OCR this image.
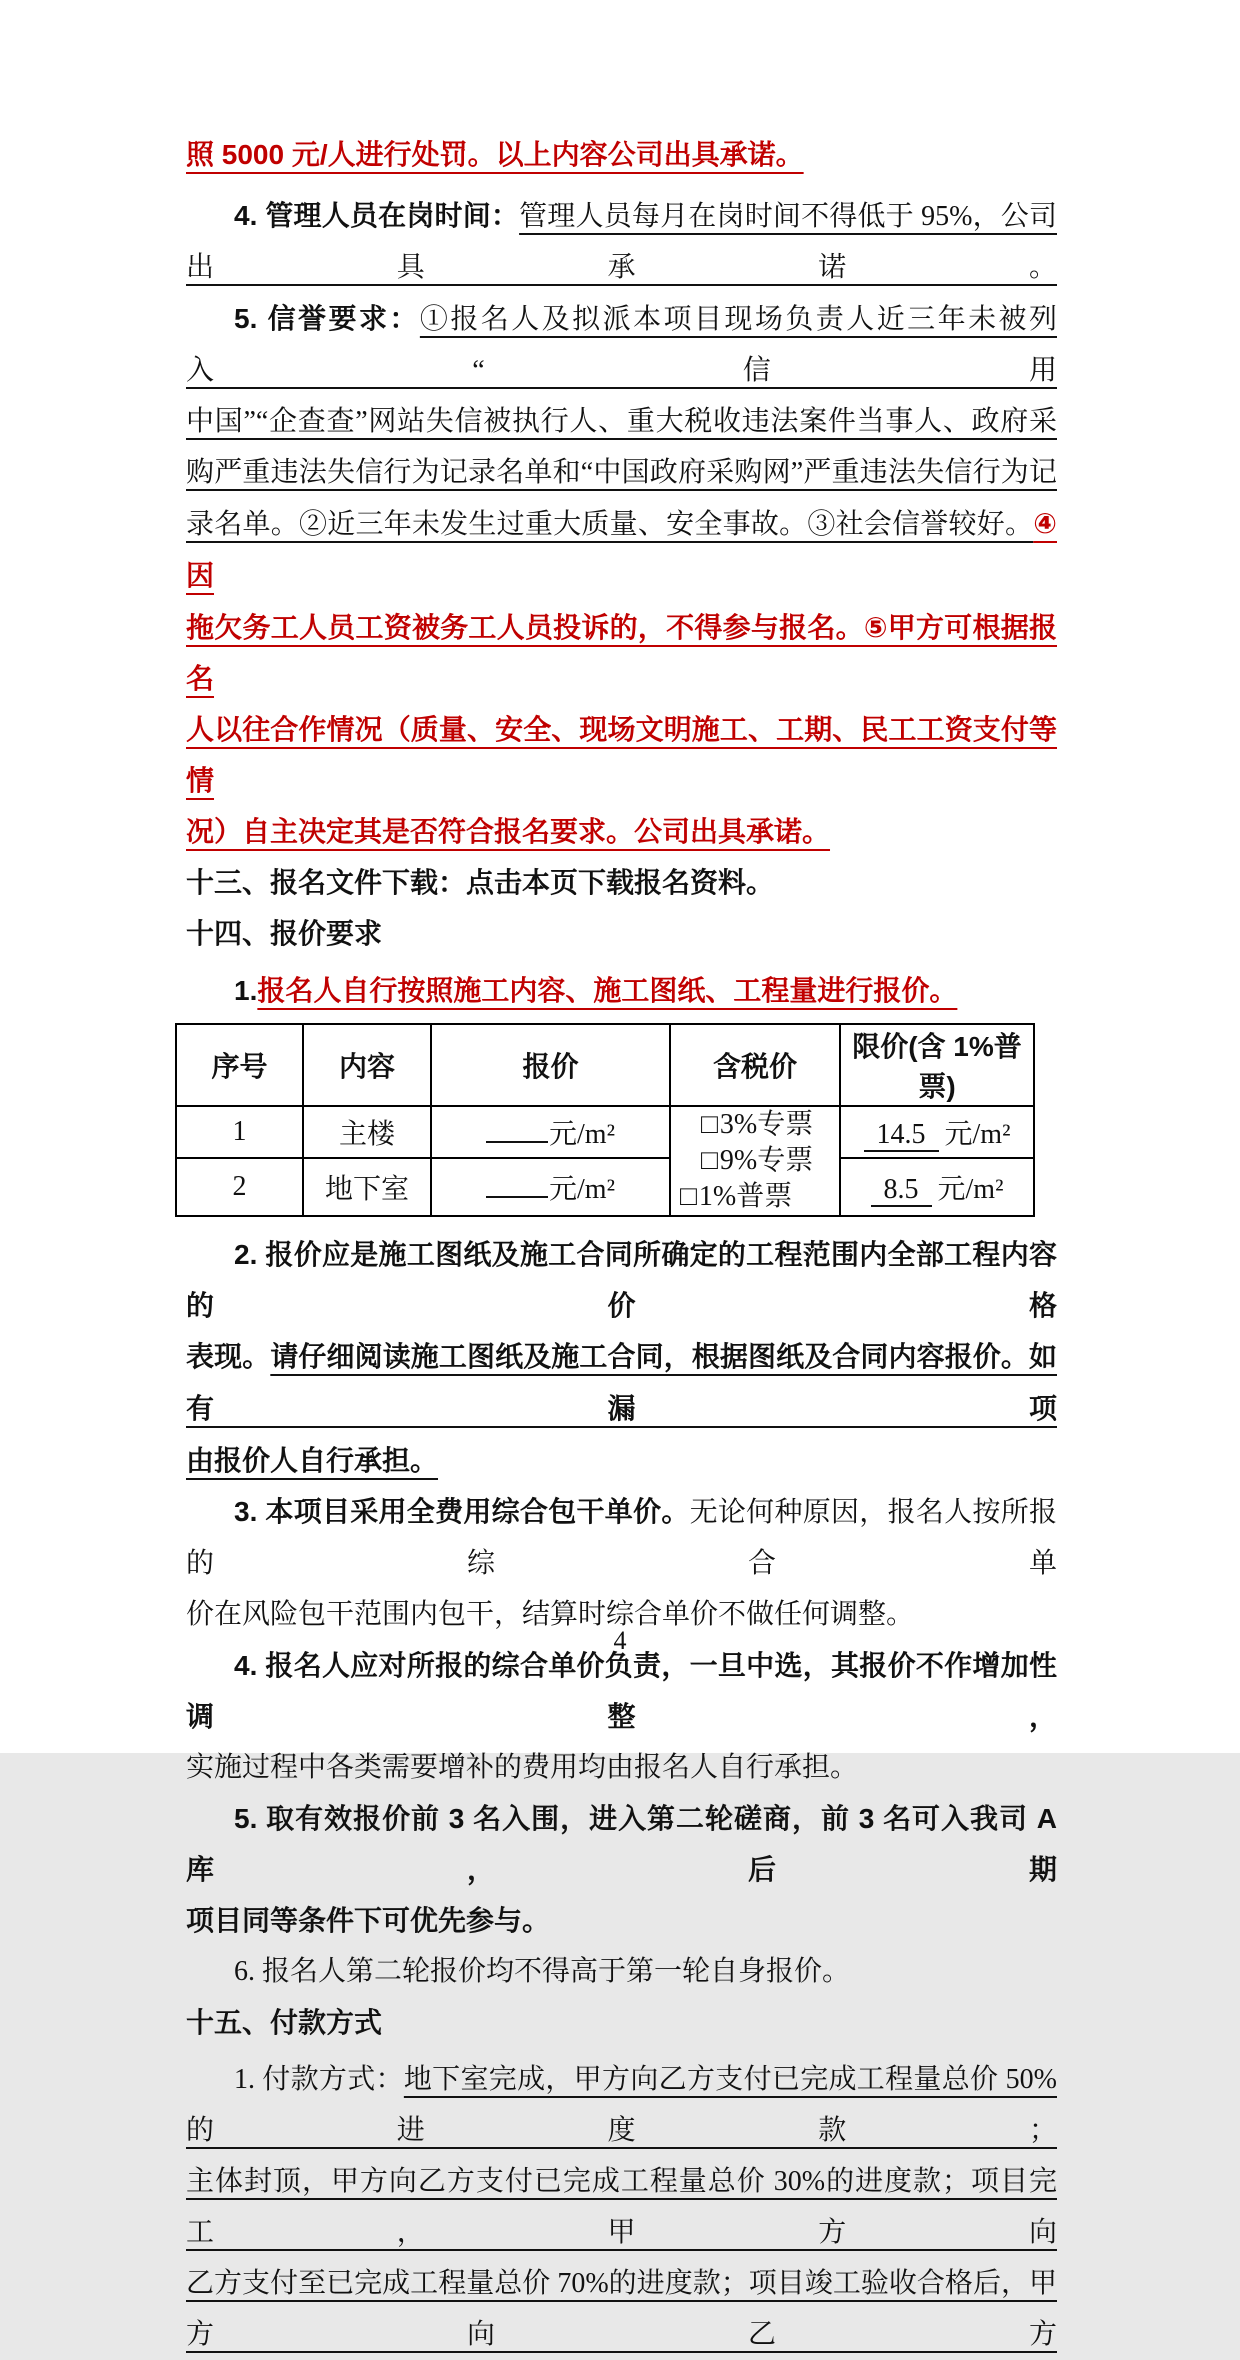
照 5000 元/人进行处罚。以上内容公司出具承诺。
4. 管理人员在岗时间：管理人员每月在岗时间不得低于 95%，公司出具承诺。
5. 信誉要求：①报名人及拟派本项目现场负责人近三年未被列入“信用
中国”“企查查”网站失信被执行人、重大税收违法案件当事人、政府采
购严重违法失信行为记录名单和“中国政府采购网”严重违法失信行为记
录名单。②近三年未发生过重大质量、安全事故。③社会信誉较好。④因
拖欠务工人员工资被务工人员投诉的，不得参与报名。⑤甲方可根据报名
人以往合作情况（质量、安全、现场文明施工、工期、民工工资支付等情
况）自主决定其是否符合报名要求。公司出具承诺。
十三、报名文件下载：点击本页下载报名资料。
十四、报价要求
1.报名人自行按照施工内容、施工图纸、工程量进行报价。
序号	内容	报价	含税价	限价(含 1%普票)
1	主楼	元/m²	□3%专票
□9%专票
□1%普票	14.5 元/m²
2	地下室	元/m²		8.5 元/m²
2. 报价应是施工图纸及施工合同所确定的工程范围内全部工程内容的价格
表现。请仔细阅读施工图纸及施工合同，根据图纸及合同内容报价。如有漏项
由报价人自行承担。
3. 本项目采用全费用综合包干单价。无论何种原因，报名人按所报的综合单
价在风险包干范围内包干，结算时综合单价不做任何调整。
4. 报名人应对所报的综合单价负责，一旦中选，其报价不作增加性调整，
实施过程中各类需要增补的费用均由报名人自行承担。
5. 取有效报价前 3 名入围，进入第二轮磋商，前 3 名可入我司 A 库，后期
项目同等条件下可优先参与。
6. 报名人第二轮报价均不得高于第一轮自身报价。
十五、付款方式
1. 付款方式：地下室完成，甲方向乙方支付已完成工程量总价 50%的进度款；
主体封顶，甲方向乙方支付已完成工程量总价 30%的进度款；项目完工，甲方向
乙方支付至已完成工程量总价 70%的进度款；项目竣工验收合格后，甲方向乙方
4
